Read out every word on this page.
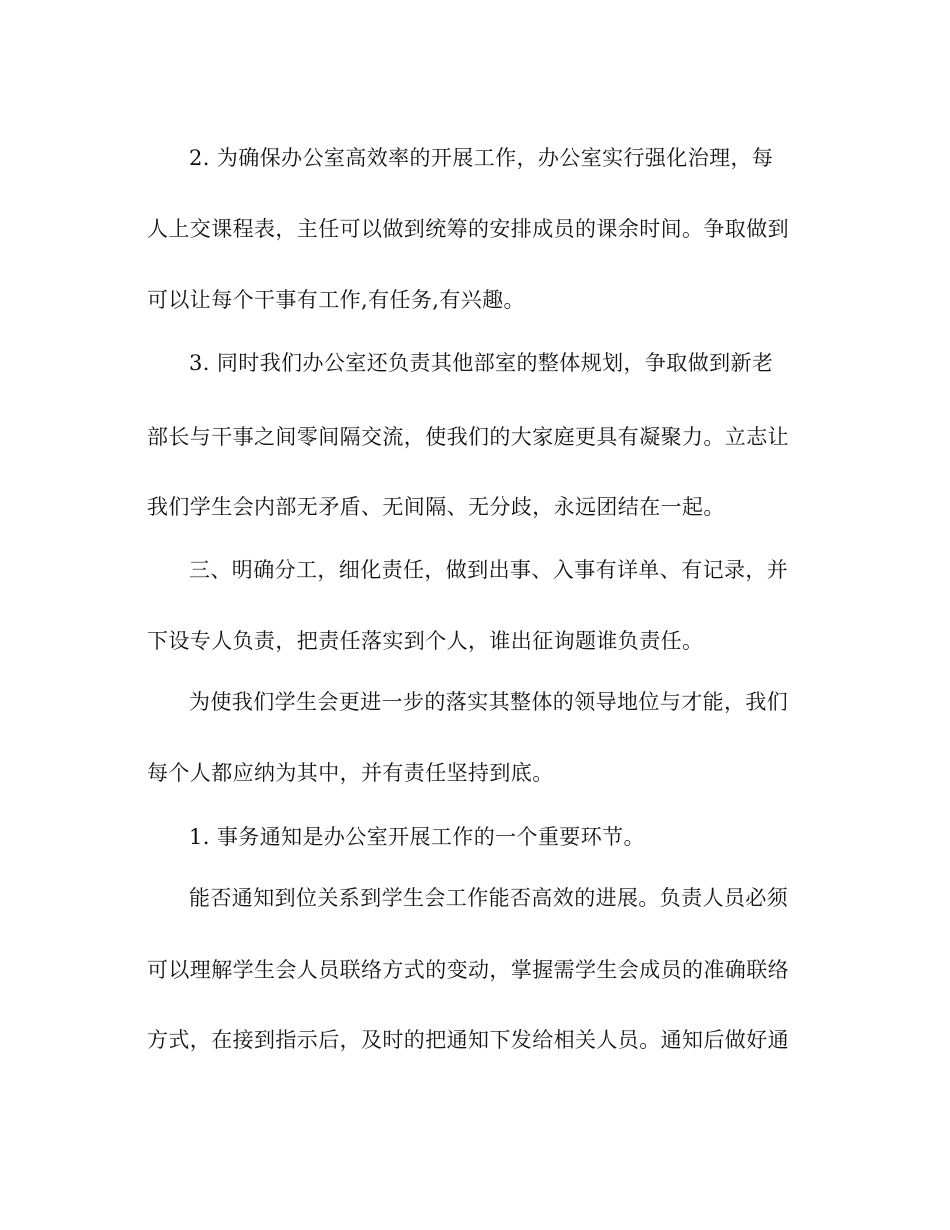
2. 为确保办公室高效率的开展工作，办公室实行强化治理，每
人上交课程表，主任可以做到统筹的安排成员的课余时间。争取做到
可以让每个干事有工作,有任务,有兴趣。
3. 同时我们办公室还负责其他部室的整体规划，争取做到新老
部长与干事之间零间隔交流，使我们的大家庭更具有凝聚力。立志让
我们学生会内部无矛盾、无间隔、无分歧，永远团结在一起。
三、明确分工，细化责任，做到出事、入事有详单、有记录，并
下设专人负责，把责任落实到个人，谁出征询题谁负责任。
为使我们学生会更进一步的落实其整体的领导地位与才能，我们
每个人都应纳为其中，并有责任坚持到底。
1. 事务通知是办公室开展工作的一个重要环节。
能否通知到位关系到学生会工作能否高效的进展。负责人员必须
可以理解学生会人员联络方式的变动，掌握需学生会成员的准确联络
方式，在接到指示后，及时的把通知下发给相关人员。通知后做好通
